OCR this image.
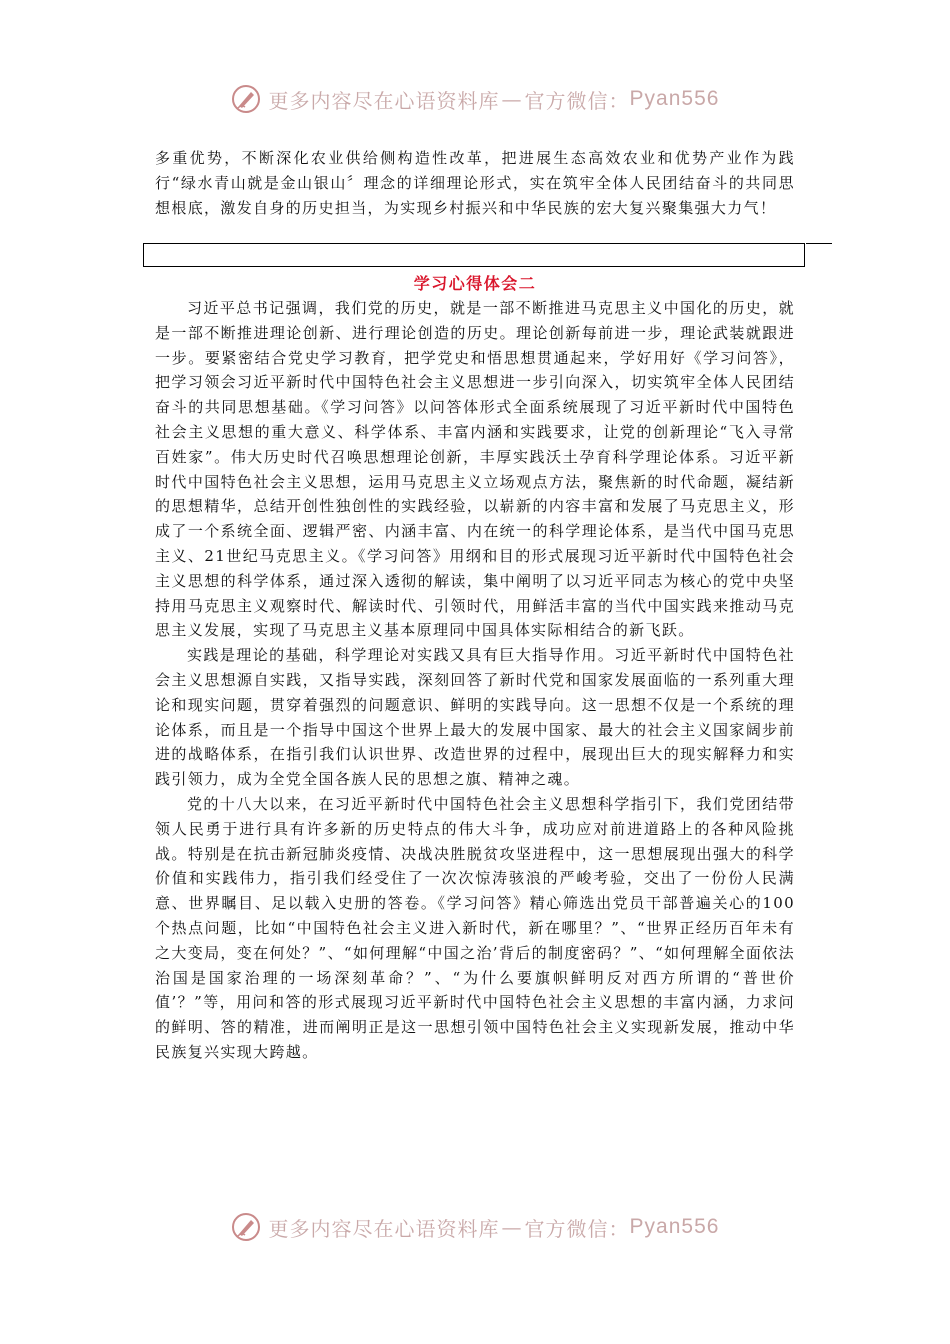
更多内容尽在心语资料库 — 官方微信： Pyan556

多重优势，不断深化农业供给侧构造性改革，把进展生态高效农业和优势产业作为践行“绿水青山就是金山银山〞理念的详细理论形式，实在筑牢全体人民团结奋斗的共同思想根底，激发自身的历史担当，为实现乡村振兴和中华民族的宏大复兴聚集强大力气！

学习心得体会二

习近平总书记强调，我们党的历史，就是一部不断推进马克思主义中国化的历史，就是一部不断推进理论创新、进行理论创造的历史。理论创新每前进一步，理论武装就跟进一步。要紧密结合党史学习教育，把学党史和悟思想贯通起来，学好用好《学习问答》，把学习领会习近平新时代中国特色社会主义思想进一步引向深入，切实筑牢全体人民团结奋斗的共同思想基础。《学习问答》以问答体形式全面系统展现了习近平新时代中国特色社会主义思想的重大意义、科学体系、丰富内涵和实践要求，让党的创新理论“飞入寻常百姓家”。伟大历史时代召唤思想理论创新，丰厚实践沃土孕育科学理论体系。习近平新时代中国特色社会主义思想，运用马克思主义立场观点方法，聚焦新的时代命题，凝结新的思想精华，总结开创性独创性的实践经验，以崭新的内容丰富和发展了马克思主义，形成了一个系统全面、逻辑严密、内涵丰富、内在统一的科学理论体系，是当代中国马克思主义、21世纪马克思主义。《学习问答》用纲和目的形式展现习近平新时代中国特色社会主义思想的科学体系，通过深入透彻的解读，集中阐明了以习近平同志为核心的党中央坚持用马克思主义观察时代、解读时代、引领时代，用鲜活丰富的当代中国实践来推动马克思主义发展，实现了马克思主义基本原理同中国具体实际相结合的新飞跃。

实践是理论的基础，科学理论对实践又具有巨大指导作用。习近平新时代中国特色社会主义思想源自实践，又指导实践，深刻回答了新时代党和国家发展面临的一系列重大理论和现实问题，贯穿着强烈的问题意识、鲜明的实践导向。这一思想不仅是一个系统的理论体系，而且是一个指导中国这个世界上最大的发展中国家、最大的社会主义国家阔步前进的战略体系，在指引我们认识世界、改造世界的过程中，展现出巨大的现实解释力和实践引领力，成为全党全国各族人民的思想之旗、精神之魂。

党的十八大以来，在习近平新时代中国特色社会主义思想科学指引下，我们党团结带领人民勇于进行具有许多新的历史特点的伟大斗争，成功应对前进道路上的各种风险挑战。特别是在抗击新冠肺炎疫情、决战决胜脱贫攻坚进程中，这一思想展现出强大的科学价值和实践伟力，指引我们经受住了一次次惊涛骇浪的严峻考验，交出了一份份人民满意、世界瞩目、足以载入史册的答卷。《学习问答》精心筛选出党员干部普遍关心的100个热点问题，比如“中国特色社会主义进入新时代，新在哪里？”、“世界正经历百年未有之大变局，变在何处？”、“如何理解“中国之治’背后的制度密码？”、“如何理解全面依法治国是国家治理的一场深刻革命？”、“为什么要旗帜鲜明反对西方所谓的“普世价值’？”等，用问和答的形式展现习近平新时代中国特色社会主义思想的丰富内涵，力求问的鲜明、答的精准，进而阐明正是这一思想引领中国特色社会主义实现新发展，推动中华民族复兴实现大跨越。

更多内容尽在心语资料库 — 官方微信： Pyan556
